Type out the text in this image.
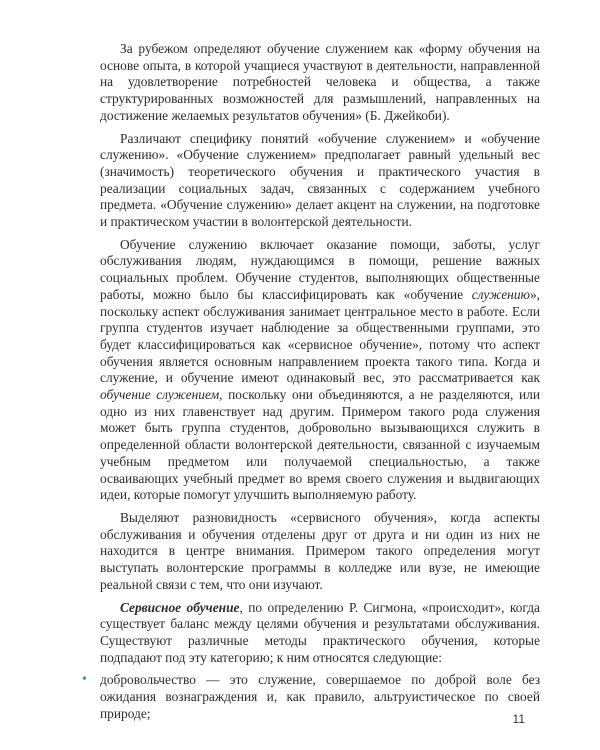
За рубежом определяют обучение служением как «форму обучения на основе опыта, в которой учащиеся участвуют в деятельности, направленной на удовлетворение потребностей человека и общества, а также структурированных возможностей для размышлений, направленных на достижение желаемых результатов обучения» (Б. Джейкоби).

Различают специфику понятий «обучение служением» и «обучение служению». «Обучение служением» предполагает равный удельный вес (значимость) теоретического обучения и практического участия в реализации социальных задач, связанных с содержанием учебного предмета. «Обучение служению» делает акцент на служении, на подготовке и практическом участии в волонтерской деятельности.

Обучение служению включает оказание помощи, заботы, услуг обслуживания людям, нуждающимся в помощи, решение важных социальных проблем. Обучение студентов, выполняющих общественные работы, можно было бы классифицировать как «обучение служению», поскольку аспект обслуживания занимает центральное место в работе. Если группа студентов изучает наблюдение за общественными группами, это будет классифицироваться как «сервисное обучение», потому что аспект обучения является основным направлением проекта такого типа. Когда и служение, и обучение имеют одинаковый вес, это рассматривается как обучение служением, поскольку они объединяются, а не разделяются, или одно из них главенствует над другим. Примером такого рода служения может быть группа студентов, добровольно вызывающихся служить в определенной области волонтерской деятельности, связанной с изучаемым учебным предметом или получаемой специальностью, а также осваивающих учебный предмет во время своего служения и выдвигающих идеи, которые помогут улучшить выполняемую работу.

Выделяют разновидность «сервисного обучения», когда аспекты обслуживания и обучения отделены друг от друга и ни один из них не находится в центре внимания. Примером такого определения могут выступать волонтерские программы в колледже или вузе, не имеющие реальной связи с тем, что они изучают.

Сервисное обучение, по определению Р. Сигмона, «происходит», когда существует баланс между целями обучения и результатами обслуживания. Существуют различные методы практического обучения, которые подпадают под эту категорию; к ним относятся следующие:

• добровольчество — это служение, совершаемое по доброй воле без ожидания вознаграждения и, как правило, альтруистическое по своей природе;	11
